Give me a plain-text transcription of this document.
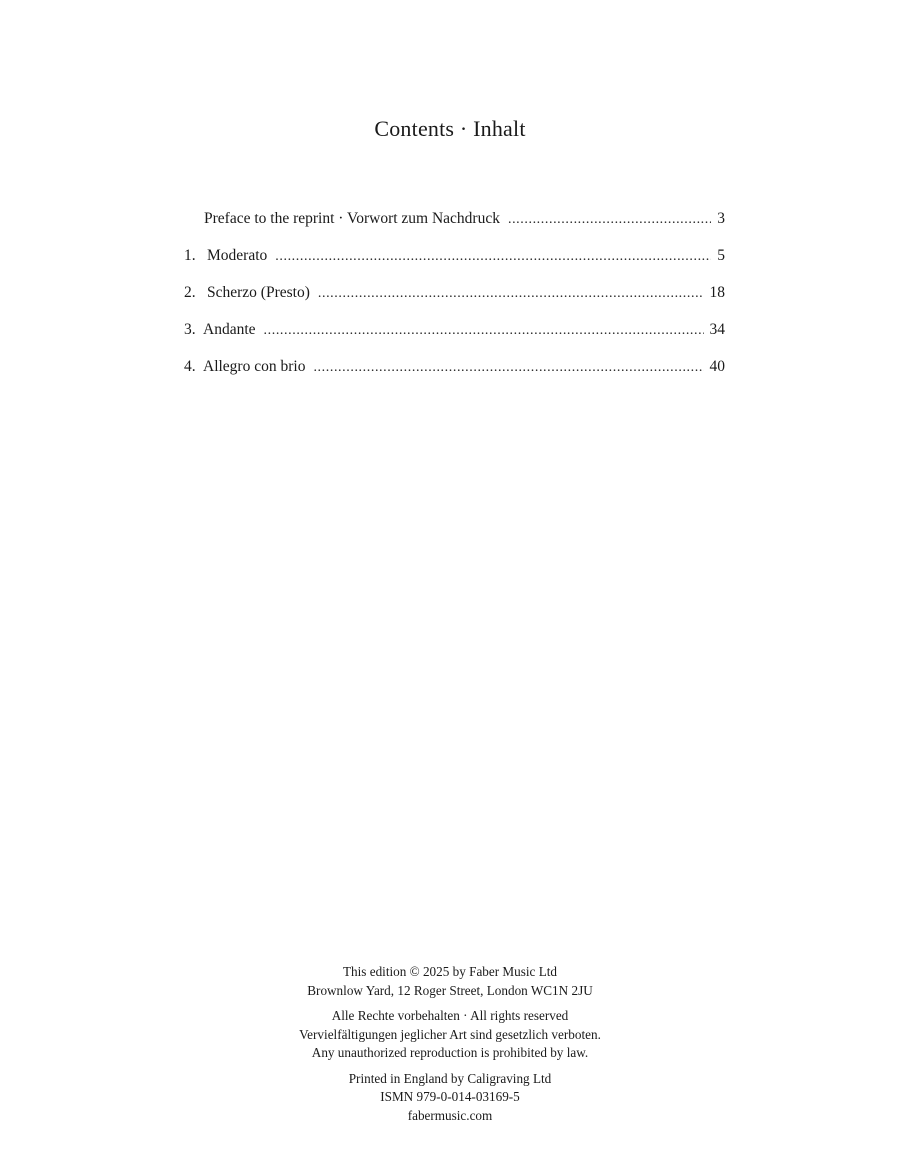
Contents · Inhalt
Preface to the reprint · Vorwort zum Nachdruck .....	3
1. Moderato .....	5
2. Scherzo (Presto) .....	18
3. Andante .....	34
4. Allegro con brio .....	40
This edition © 2025 by Faber Music Ltd
Brownlow Yard, 12 Roger Street, London WC1N 2JU
Alle Rechte vorbehalten · All rights reserved
Vervielfältigungen jeglicher Art sind gesetzlich verboten.
Any unauthorized reproduction is prohibited by law.
Printed in England by Caligraving Ltd
ISMN 979-0-014-03169-5
fabermusic.com
